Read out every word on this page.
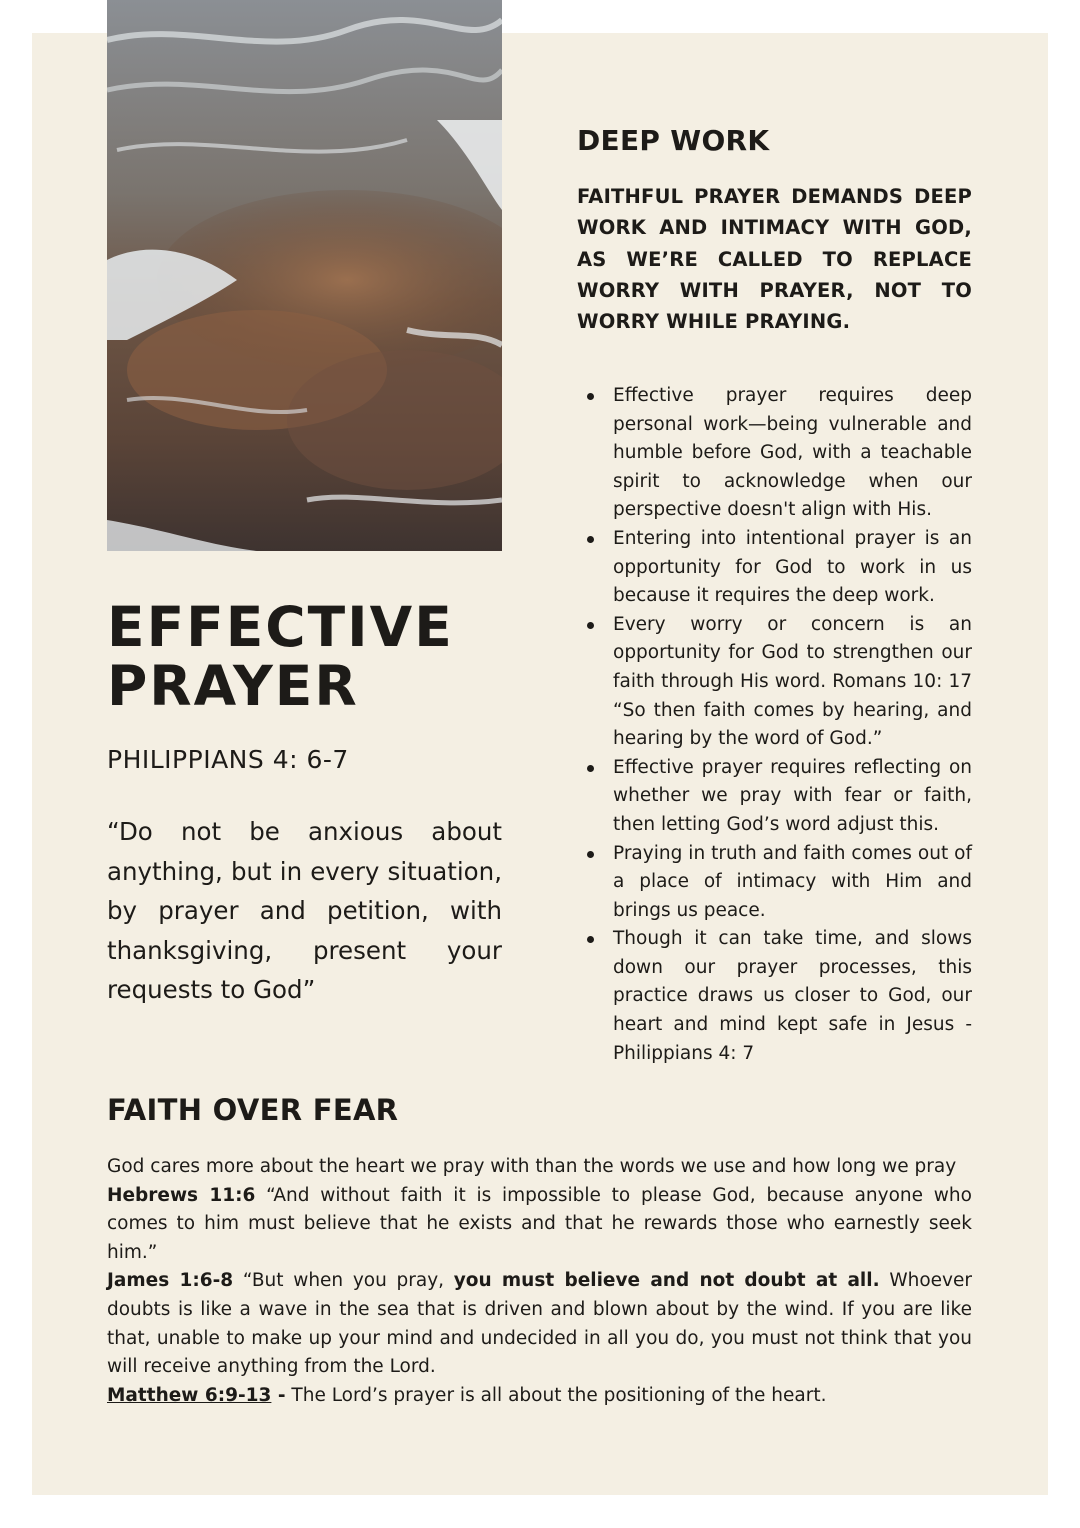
DEEP WORK

FAITHFUL PRAYER DEMANDS DEEP WORK AND INTIMACY WITH GOD, AS WE’RE CALLED TO REPLACE WORRY WITH PRAYER, NOT TO WORRY WHILE PRAYING.

Effective prayer requires deep personal work—being vulnerable and humble before God, with a teachable spirit to acknowledge when our perspective doesn't align with His.
Entering into intentional prayer is an opportunity for God to work in us because it requires the deep work.
Every worry or concern is an opportunity for God to strengthen our faith through His word. Romans 10: 17 “So then faith comes by hearing, and hearing by the word of God.”
Effective prayer requires reflecting on whether we pray with fear or faith, then letting God’s word adjust this.
Praying in truth and faith comes out of a place of intimacy with Him and brings us peace.
Though it can take time, and slows down our prayer processes, this practice draws us closer to God, our heart and mind kept safe in Jesus - Philippians 4: 7
EFFECTIVE
PRAYER

PHILIPPIANS 4: 6-7

“Do not be anxious about anything, but in every situation, by prayer and petition, with thanksgiving, present your requests to God”

FAITH OVER FEAR

God cares more about the heart we pray with than the words we use and how long we pray

Hebrews 11:6 “And without faith it is impossible to please God, because anyone who comes to him must believe that he exists and that he rewards those who earnestly seek him.”

James 1:6-8 “But when you pray, you must believe and not doubt at all. Whoever doubts is like a wave in the sea that is driven and blown about by the wind. If you are like that, unable to make up your mind and undecided in all you do, you must not think that you will receive anything from the Lord.

Matthew 6:9-13 - The Lord’s prayer is all about the positioning of the heart.
